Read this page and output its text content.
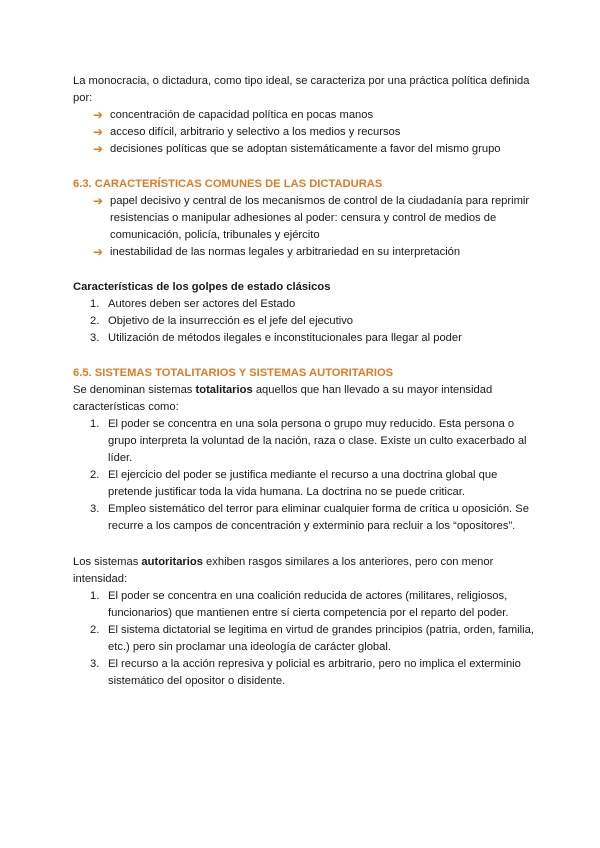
La monocracia, o dictadura, como tipo ideal, se caracteriza por una práctica política definida por:

➔ concentración de capacidad política en pocas manos
➔ acceso difícil, arbitrario y selectivo a los medios y recursos
➔ decisiones políticas que se adoptan sistemáticamente a favor del mismo grupo

6.3. CARACTERÍSTICAS COMUNES DE LAS DICTADURAS

➔ papel decisivo y central de los mecanismos de control de la ciudadanía para reprimir resistencias o manipular adhesiones al poder: censura y control de medios de comunicación, policía, tribunales y ejército
➔ inestabilidad de las normas legales y arbitrariedad en su interpretación

Características de los golpes de estado clásicos

1. Autores deben ser actores del Estado
2. Objetivo de la insurrección es el jefe del ejecutivo
3. Utilización de métodos ilegales e inconstitucionales para llegar al poder

6.5. SISTEMAS TOTALITARIOS Y SISTEMAS AUTORITARIOS

Se denominan sistemas totalitarios aquellos que han llevado a su mayor intensidad características como:

1. El poder se concentra en una sola persona o grupo muy reducido. Esta persona o grupo interpreta la voluntad de la nación, raza o clase. Existe un culto exacerbado al líder.
2. El ejercicio del poder se justifica mediante el recurso a una doctrina global que pretende justificar toda la vida humana. La doctrina no se puede criticar.
3. Empleo sistemático del terror para eliminar cualquier forma de crítica u oposición. Se recurre a los campos de concentración y exterminio para recluir a los “opositores”.

Los sistemas autoritarios exhiben rasgos similares a los anteriores, pero con menor intensidad:

1. El poder se concentra en una coalición reducida de actores (militares, religiosos, funcionarios) que mantienen entre sí cierta competencia por el reparto del poder.
2. El sistema dictatorial se legitima en virtud de grandes principios (patria, orden, familia, etc.) pero sin proclamar una ideología de carácter global.
3. El recurso a la acción represiva y policial es arbitrario, pero no implica el exterminio sistemático del opositor o disidente.
